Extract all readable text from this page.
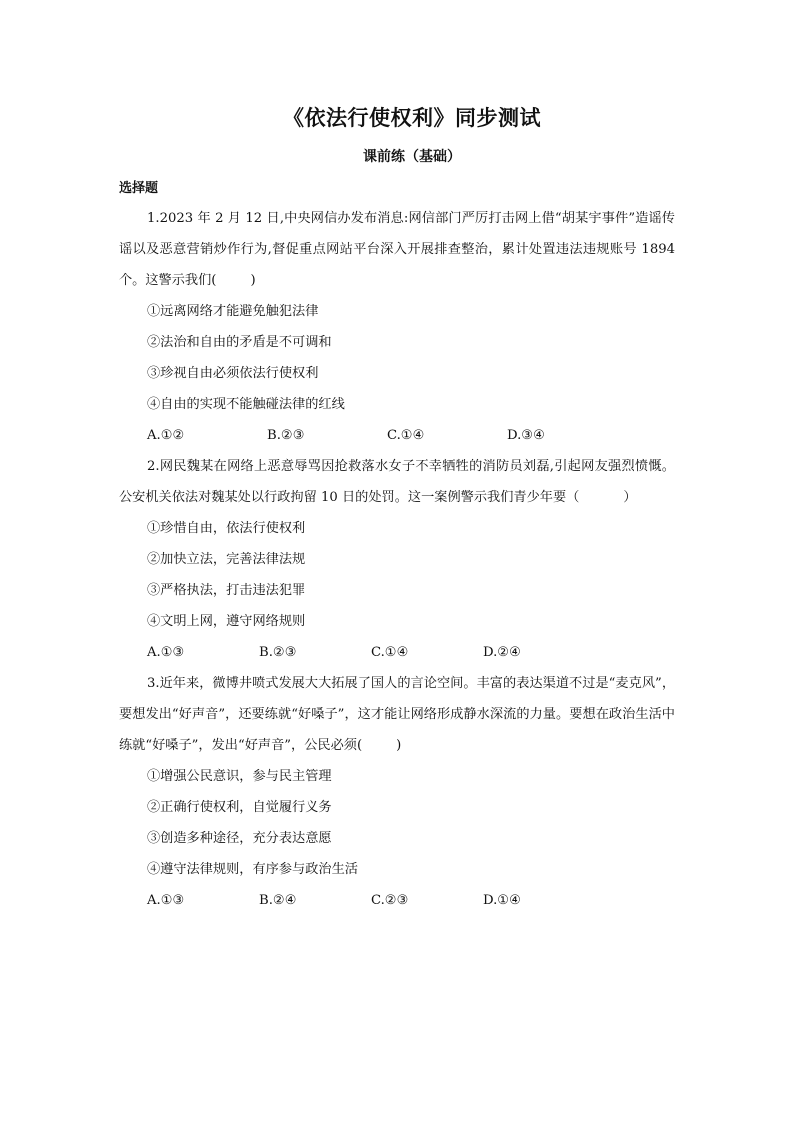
《依法行使权利》同步测试
课前练（基础）
选择题

1.2023 年 2 月 12 日,中央网信办发布消息:网信部门严厉打击网上借“胡某宇事件”造谣传谣以及恶意营销炒作行为,督促重点网站平台深入开展排查整治，累计处置违法违规账号 1894 个。这警示我们(	)

①远离网络才能避免触犯法律

②法治和自由的矛盾是不可调和

③珍视自由必须依法行使权利

④自由的实现不能触碰法律的红线

A.①②	B.②③	C.①④	D.③④

2.网民魏某在网络上恶意辱骂因抢救落水女子不幸牺牲的消防员刘磊,引起网友强烈愤慨。公安机关依法对魏某处以行政拘留 10 日的处罚。这一案例警示我们青少年要（	）

①珍惜自由，依法行使权利

②加快立法，完善法律法规

③严格执法，打击违法犯罪

④文明上网，遵守网络规则

A.①③	B.②③	C.①④	D.②④

3.近年来，微博井喷式发展大大拓展了国人的言论空间。丰富的表达渠道不过是“麦克风”，要想发出“好声音”，还要练就“好嗓子”，这才能让网络形成静水深流的力量。要想在政治生活中练就“好嗓子”，发出“好声音”，公民必须(	)

①增强公民意识，参与民主管理

②正确行使权利，自觉履行义务

③创造多种途径，充分表达意愿

④遵守法律规则，有序参与政治生活

A.①③	B.②④	C.②③	D.①④
